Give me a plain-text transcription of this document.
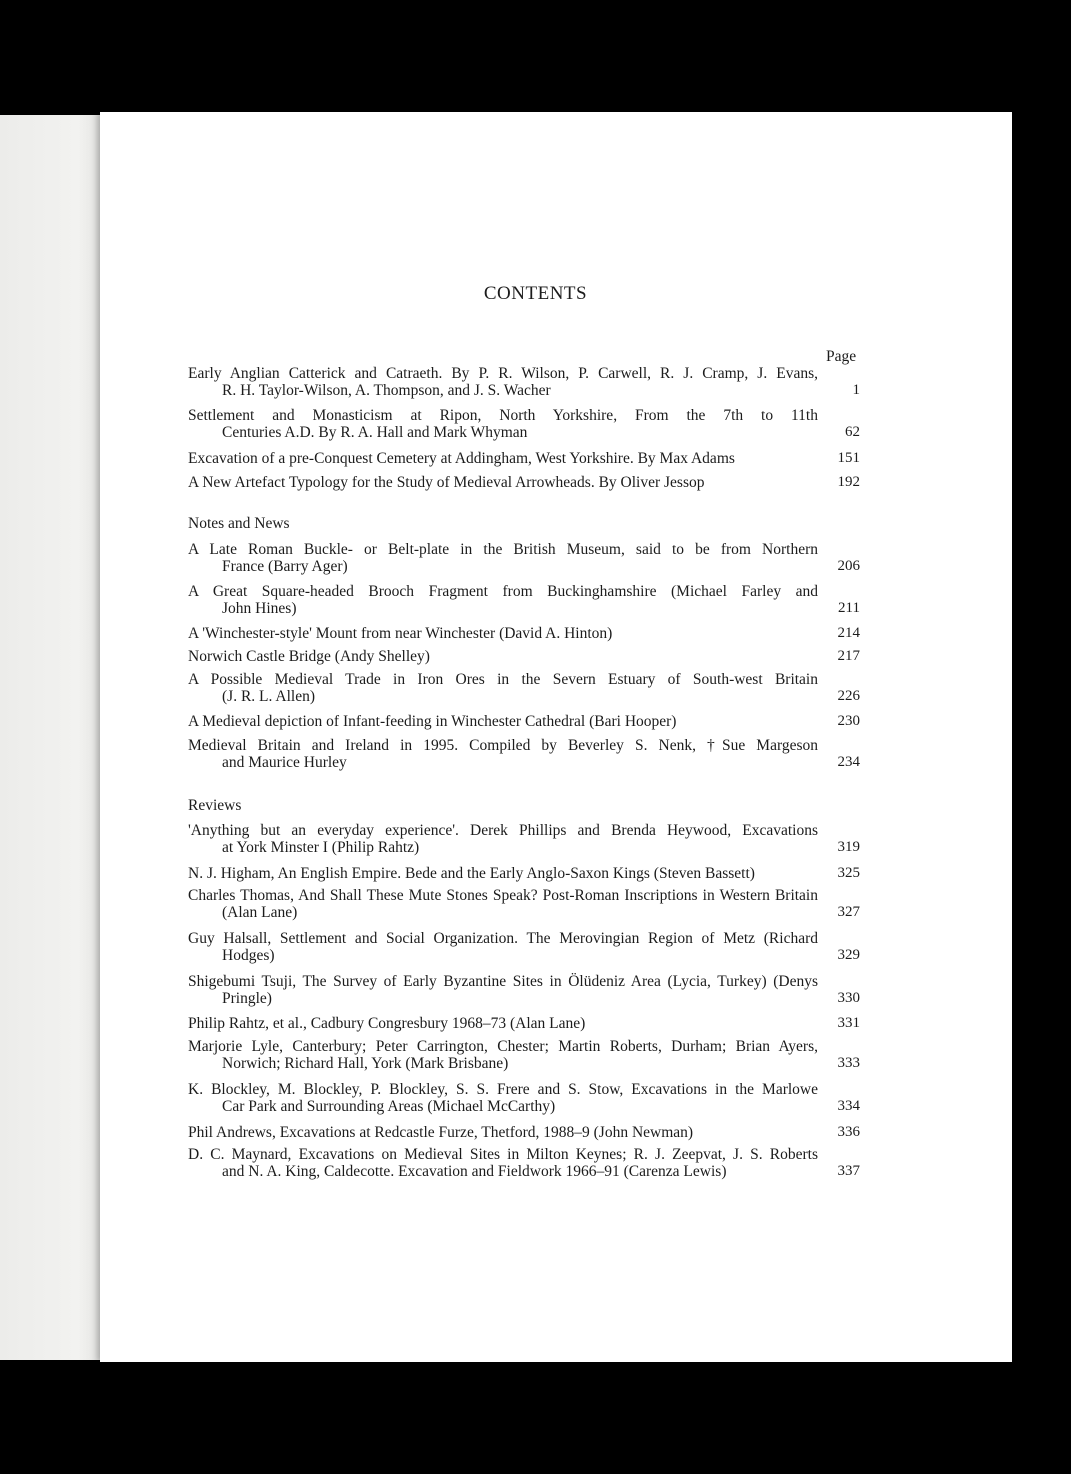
CONTENTS
Page
Notes and News
Reviews
Early Anglian Catterick and Catraeth. By P. R. Wilson, P. Carwell, R. J. Cramp, J. Evans,
R. H. Taylor-Wilson, A. Thompson, and J. S. Wacher	1
Settlement and Monasticism at Ripon, North Yorkshire, From the 7th to 11th
Centuries A.D. By R. A. Hall and Mark Whyman	62
Excavation of a pre-Conquest Cemetery at Addingham, West Yorkshire. By Max Adams	151
A New Artefact Typology for the Study of Medieval Arrowheads. By Oliver Jessop	192
A Late Roman Buckle- or Belt-plate in the British Museum, said to be from Northern
France (Barry Ager)	206
A Great Square-headed Brooch Fragment from Buckinghamshire (Michael Farley and
John Hines)	211
A 'Winchester-style' Mount from near Winchester (David A. Hinton)	214
Norwich Castle Bridge (Andy Shelley)	217
A Possible Medieval Trade in Iron Ores in the Severn Estuary of South-west Britain
(J. R. L. Allen)	226
A Medieval depiction of Infant-feeding in Winchester Cathedral (Bari Hooper)	230
Medieval Britain and Ireland in 1995. Compiled by Beverley S. Nenk, †Sue Margeson
and Maurice Hurley	234
'Anything but an everyday experience'. Derek Phillips and Brenda Heywood, Excavations
at York Minster I (Philip Rahtz)	319
N. J. Higham, An English Empire. Bede and the Early Anglo-Saxon Kings (Steven Bassett)	325
Charles Thomas, And Shall These Mute Stones Speak? Post-Roman Inscriptions in Western Britain
(Alan Lane)	327
Guy Halsall, Settlement and Social Organization. The Merovingian Region of Metz (Richard
Hodges)	329
Shigebumi Tsuji, The Survey of Early Byzantine Sites in Ölüdeniz Area (Lycia, Turkey) (Denys
Pringle)	330
Philip Rahtz, et al., Cadbury Congresbury 1968–73 (Alan Lane)	331
Marjorie Lyle, Canterbury; Peter Carrington, Chester; Martin Roberts, Durham; Brian Ayers,
Norwich; Richard Hall, York (Mark Brisbane)	333
K. Blockley, M. Blockley, P. Blockley, S. S. Frere and S. Stow, Excavations in the Marlowe
Car Park and Surrounding Areas (Michael McCarthy)	334
Phil Andrews, Excavations at Redcastle Furze, Thetford, 1988–9 (John Newman)	336
D. C. Maynard, Excavations on Medieval Sites in Milton Keynes; R. J. Zeepvat, J. S. Roberts
and N. A. King, Caldecotte. Excavation and Fieldwork 1966–91 (Carenza Lewis)	337
